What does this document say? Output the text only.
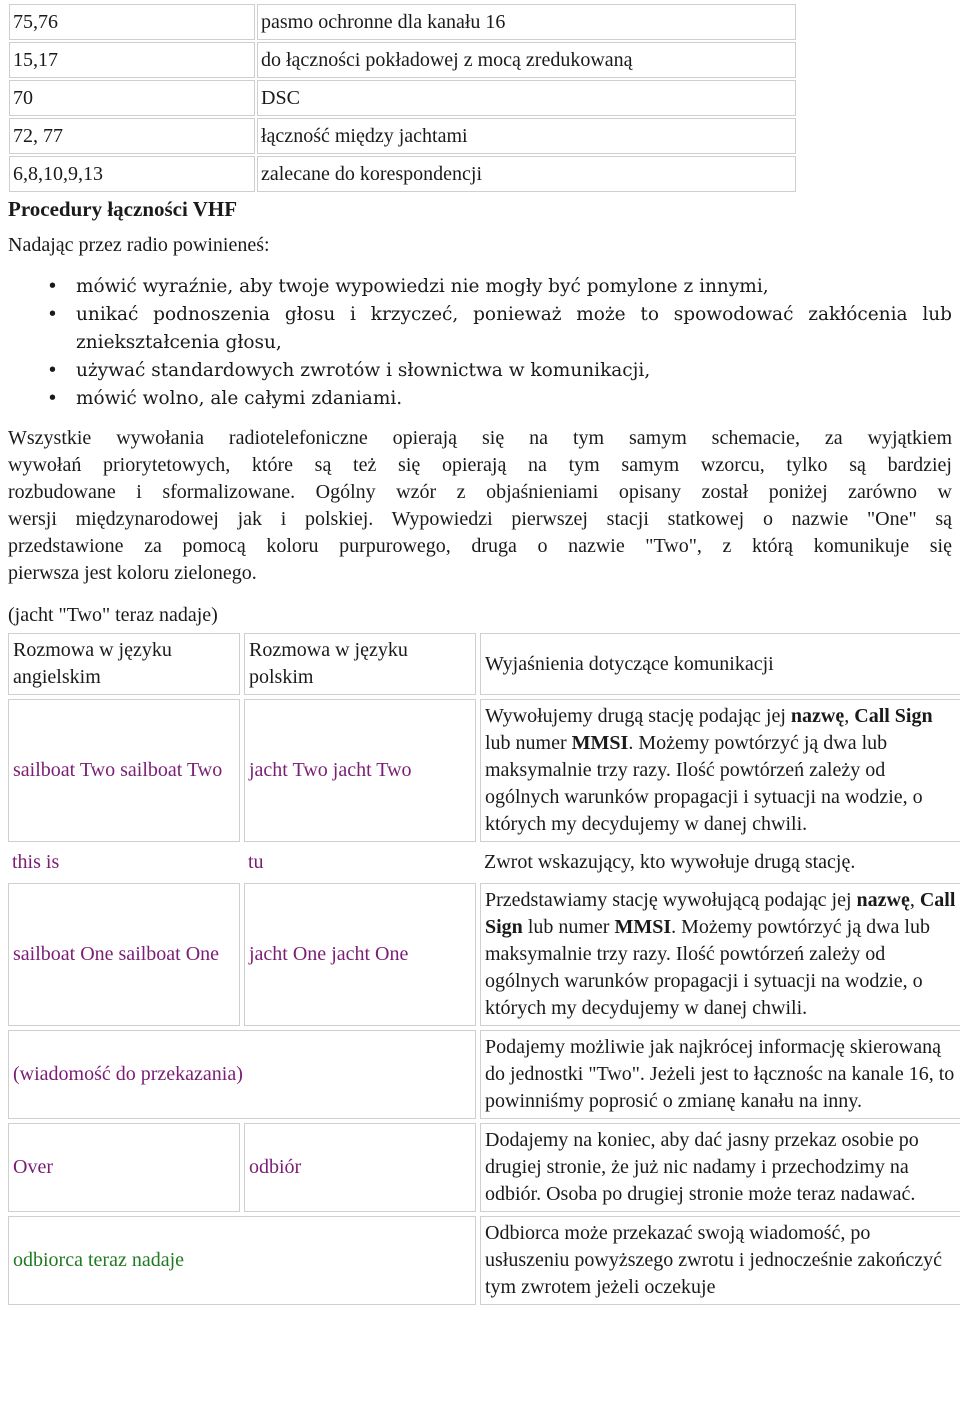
75,76	pasmo ochronne dla kanału 16
15,17	do łączności pokładowej z mocą zredukowaną
70	DSC
72, 77	łączność między jachtami
6,8,10,9,13	zalecane do korespondencji
Procedury łączności VHF
Nadając przez radio powinieneś:
• mówić wyraźnie, aby twoje wypowiedzi nie mogły być pomylone z innymi,
• unikać podnoszenia głosu i krzyczeć, ponieważ może to spowodować zakłócenia lub zniekształcenia głosu,
• używać standardowych zwrotów i słownictwa w komunikacji,
• mówić wolno, ale całymi zdaniami.

Wszystkie wywołania radiotelefoniczne opierają się na tym samym schemacie, za wyjątkiem
wywołań priorytetowych, które są też się opierają na tym samym wzorcu, tylko są bardziej
rozbudowane i sformalizowane. Ogólny wzór z objaśnieniami opisany został poniżej zarówno w
wersji międzynarodowej jak i polskiej. Wypowiedzi pierwszej stacji statkowej o nazwie "One" są
przedstawione za pomocą koloru purpurowego, druga o nazwie "Two", z którą komunikuje się
pierwsza jest koloru zielonego.

(jacht "Two" teraz nadaje)
Rozmowa w języku angielskim	Rozmowa w języku polskim	Wyjaśnienia dotyczące komunikacji
sailboat Two sailboat Two	jacht Two jacht Two	Wywołujemy drugą stację podając jej nazwę, Call Sign lub numer MMSI. Możemy powtórzyć ją dwa lub maksymalnie trzy razy. Ilość powtórzeń zależy od ogólnych warunków propagacji i sytuacji na wodzie, o których my decydujemy w danej chwili.
this is	tu	Zwrot wskazujący, kto wywołuje drugą stację.
sailboat One sailboat One	jacht One jacht One	Przedstawiamy stację wywołującą podając jej nazwę, Call Sign lub numer MMSI. Możemy powtórzyć ją dwa lub maksymalnie trzy razy. Ilość powtórzeń zależy od ogólnych warunków propagacji i sytuacji na wodzie, o których my decydujemy w danej chwili.
(wiadomość do przekazania)		Podajemy możliwie jak najkrócej informację skierowaną do jednostki "Two". Jeżeli jest to łącznośc na kanale 16, to powinniśmy poprosić o zmianę kanału na inny.
Over	odbiór	Dodajemy na koniec, aby dać jasny przekaz osobie po drugiej stronie, że już nic nadamy i przechodzimy na odbiór. Osoba po drugiej stronie może teraz nadawać.
odbiorca teraz nadaje		Odbiorca może przekazać swoją wiadomość, po usłuszeniu powyższego zwrotu i jednocześnie zakończyć tym zwrotem jeżeli oczekuje
